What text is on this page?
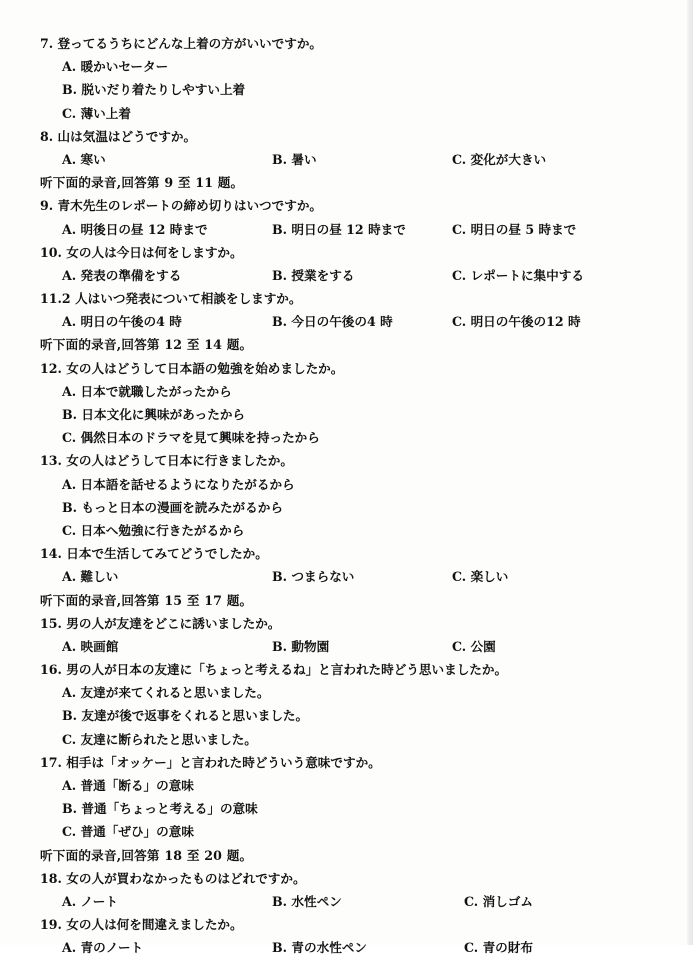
7. 登ってるうちにどんな上着の方がいいですか。
A. 暖かいセーター
B. 脱いだり着たりしやすい上着
C. 薄い上着
8. 山は気温はどうですか。
A. 寒い	B. 暑い	C. 変化が大きい
听下面的录音,回答第 9 至 11 题。
9. 青木先生のレポートの締め切りはいつですか。
A. 明後日の昼 12 時まで	B. 明日の昼 12 時まで	C. 明日の昼 5 時まで
10. 女の人は今日は何をしますか。
A. 発表の準備をする	B. 授業をする	C. レポートに集中する
11.2 人はいつ発表について相談をしますか。
A. 明日の午後の4 時	B. 今日の午後の4 時	C. 明日の午後の12 時
听下面的录音,回答第 12 至 14 题。
12. 女の人はどうして日本語の勉強を始めましたか。
A. 日本で就職したがったから
B. 日本文化に興味があったから
C. 偶然日本のドラマを見て興味を持ったから
13. 女の人はどうして日本に行きましたか。
A. 日本語を話せるようになりたがるから
B. もっと日本の漫画を読みたがるから
C. 日本へ勉強に行きたがるから
14. 日本で生活してみてどうでしたか。
A. 難しい	B. つまらない	C. 楽しい
听下面的录音,回答第 15 至 17 题。
15. 男の人が友達をどこに誘いましたか。
A. 映画館	B. 動物園	C. 公園
16. 男の人が日本の友達に「ちょっと考えるね」と言われた時どう思いましたか。
A. 友達が来てくれると思いました。
B. 友達が後で返事をくれると思いました。
C. 友達に断られたと思いました。
17. 相手は「オッケー」と言われた時どういう意味ですか。
A. 普通「断る」の意味
B. 普通「ちょっと考える」の意味
C. 普通「ぜひ」の意味
听下面的录音,回答第 18 至 20 题。
18. 女の人が買わなかったものはどれですか。
A. ノート	B. 水性ペン	C. 消しゴム
19. 女の人は何を間違えましたか。
A. 青のノート	B. 青の水性ペン	C. 青の財布
